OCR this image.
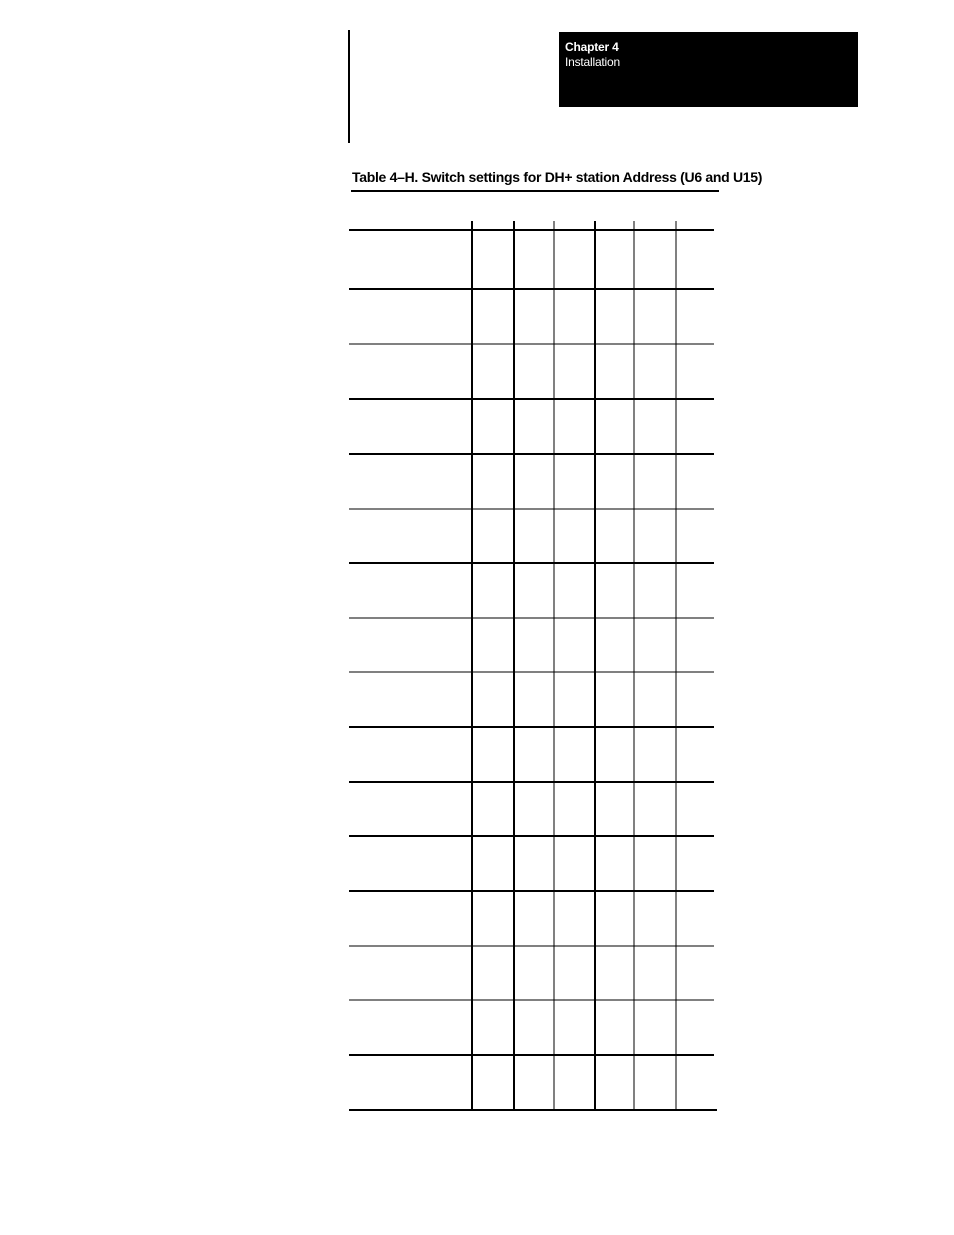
Chapter 4
Installation
Table 4–H. Switch settings for DH+ station Address (U6 and U15)
